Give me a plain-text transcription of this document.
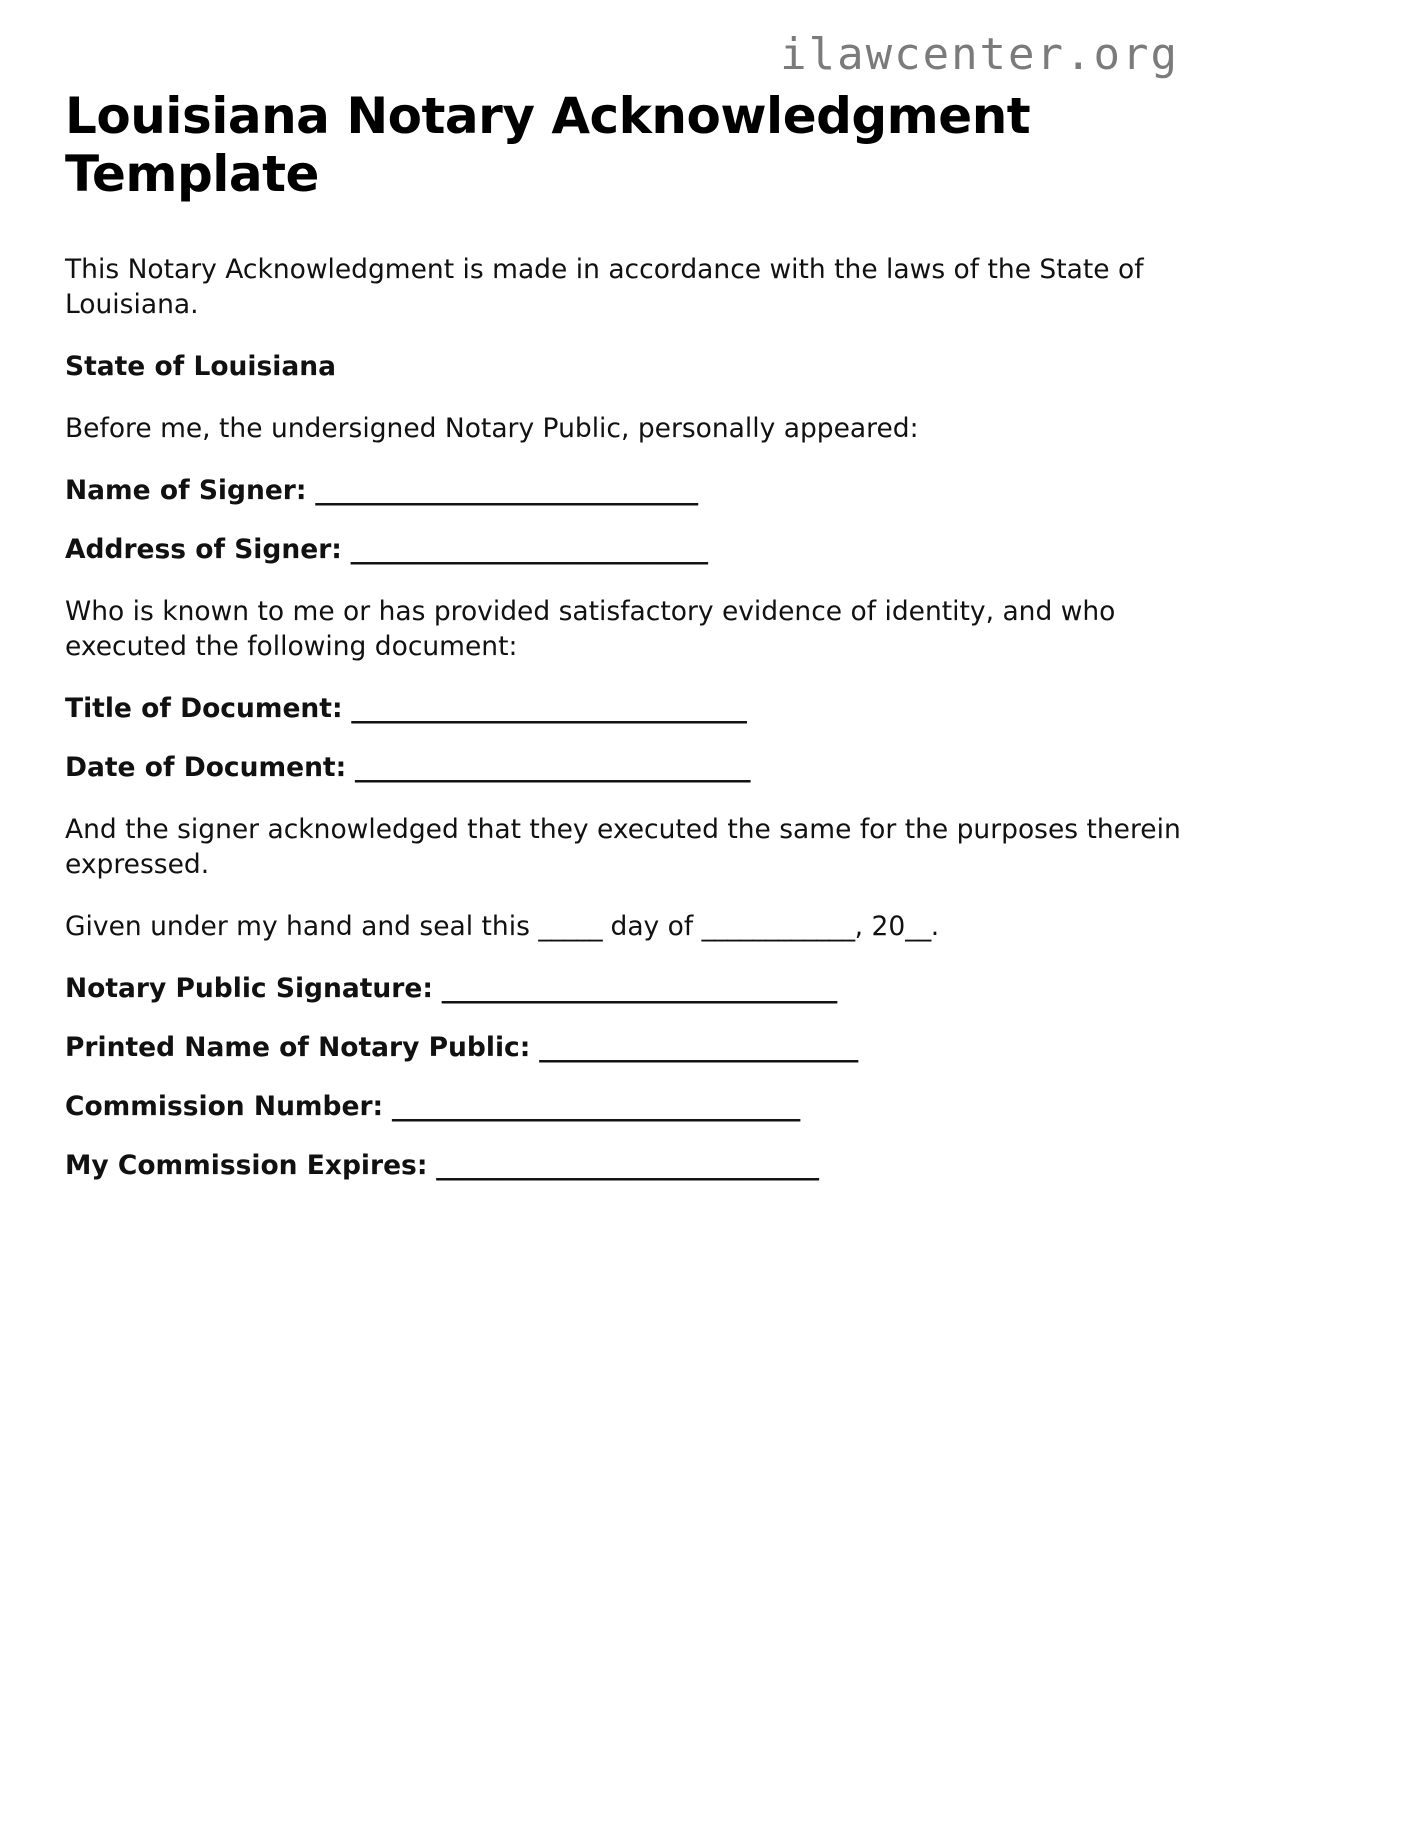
ilawcenter.org
Louisiana Notary Acknowledgment Template

This Notary Acknowledgment is made in accordance with the laws of the State of Louisiana.

State of Louisiana

Before me, the undersigned Notary Public, personally appeared:

Name of Signer: ______________________________

Address of Signer: ____________________________

Who is known to me or has provided satisfactory evidence of identity, and who executed the following document:

Title of Document: _______________________________

Date of Document: _______________________________

And the signer acknowledged that they executed the same for the purposes therein expressed.

Given under my hand and seal this _____ day of ____________, 20__.

Notary Public Signature: _______________________________

Printed Name of Notary Public: _________________________

Commission Number: ________________________________

My Commission Expires: ______________________________
